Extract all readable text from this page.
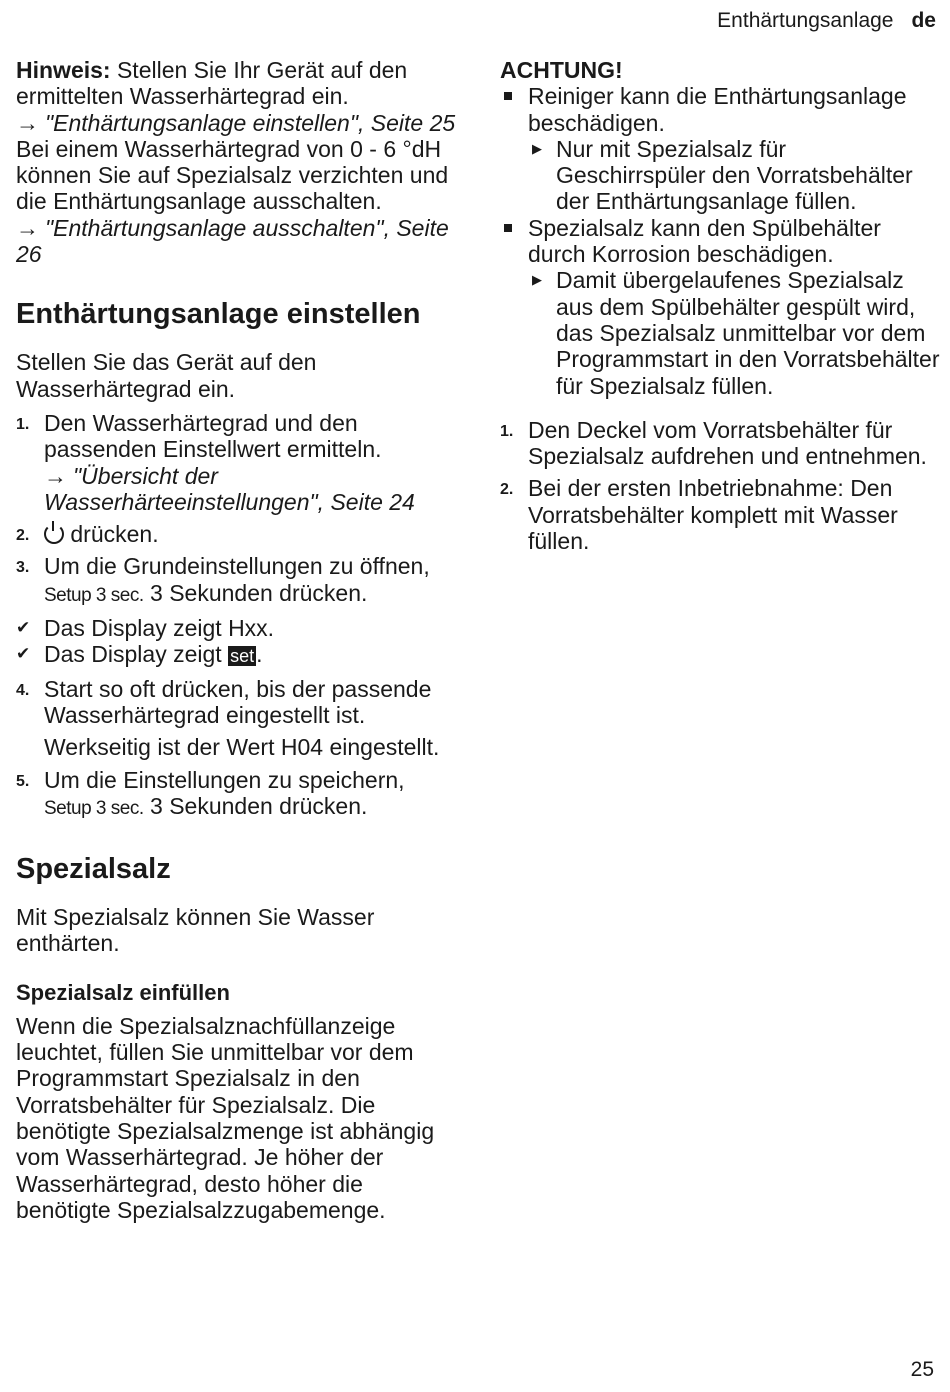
Enthärtungsanlage de

Hinweis: Stellen Sie Ihr Gerät auf den ermittelten Wasserhärtegrad ein.

→ "Enthärtungsanlage einstellen", Seite 25

Bei einem Wasserhärtegrad von 0 - 6 °dH können Sie auf Spezialsalz verzichten und die Enthärtungsanlage ausschalten.

→ "Enthärtungsanlage ausschalten", Seite 26

Enthärtungsanlage einstellen

Stellen Sie das Gerät auf den Wasserhärtegrad ein.

1. Den Wasserhärtegrad und den passenden Einstellwert ermitteln.

→ "Übersicht der Wasserhärteeinstellungen", Seite 24

2.	drücken.

3. Um die Grundeinstellungen zu öffnen, Setup 3 sec. 3 Sekunden drücken.

✔ Das Display zeigt Hxx.

✔ Das Display zeigt set.

4. Start so oft drücken, bis der passende Wasserhärtegrad eingestellt ist.

Werkseitig ist der Wert H04 eingestellt.

5. Um die Einstellungen zu speichern, Setup 3 sec. 3 Sekunden drücken.

Spezialsalz

Mit Spezialsalz können Sie Wasser enthärten.

Spezialsalz einfüllen

Wenn die Spezialsalznachfüllanzeige leuchtet, füllen Sie unmittelbar vor dem Programmstart Spezialsalz in den Vorratsbehälter für Spezialsalz. Die benötigte Spezialsalzmenge ist abhängig vom Wasserhärtegrad. Je höher der Wasserhärtegrad, desto höher die benötigte Spezialsalzzugabemenge.

ACHTUNG!

Reiniger kann die Enthärtungsanlage beschädigen.

▶ Nur mit Spezialsalz für Geschirrspüler den Vorratsbehälter der Enthärtungsanlage füllen.

Spezialsalz kann den Spülbehälter durch Korrosion beschädigen.

▶ Damit übergelaufenes Spezialsalz aus dem Spülbehälter gespült wird, das Spezialsalz unmittelbar vor dem Programmstart in den Vorratsbehälter für Spezialsalz füllen.

1. Den Deckel vom Vorratsbehälter für Spezialsalz aufdrehen und entnehmen.

2. Bei der ersten Inbetriebnahme: Den Vorratsbehälter komplett mit Wasser füllen.

25
